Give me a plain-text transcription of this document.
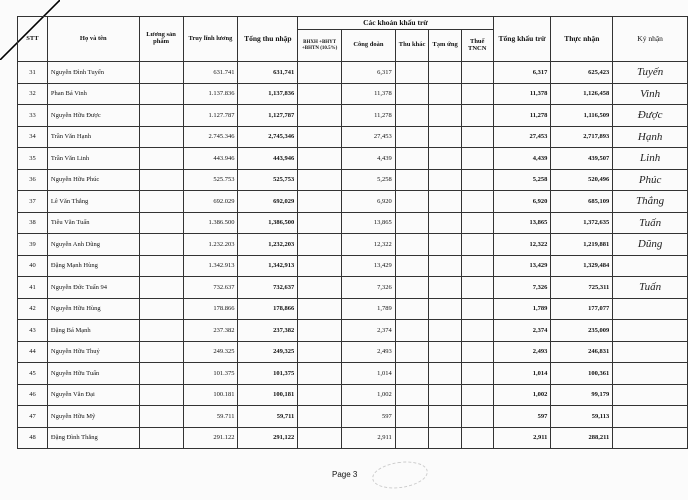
STT	Họ và tên	Lương sản phẩm	Truy lĩnh lương	Tổng thu nhập	Các khoản khấu trừ					Tổng khấu trừ	Thực nhận	Ký nhận
					BHXH +BHYT +BHTN (10.5%)	Công đoàn	Thu khác	Tạm ứng	Thuế TNCN			
31	Nguyễn Đình Tuyến		631.741	631,741		6,317				6,317	625,423	Tuyến
32	Phan Bá Vinh		1.137.836	1,137,836		11,378				11,378	1,126,458	Vinh
33	Nguyễn Hữu Được		1.127.787	1,127,787		11,278				11,278	1,116,509	Được
34	Trần Văn Hạnh		2.745.346	2,745,346		27,453				27,453	2,717,893	Hạnh
35	Trần Văn Linh		443.946	443,946		4,439				4,439	439,507	Linh
36	Nguyễn Hữu Phúc		525.753	525,753		5,258				5,258	520,496	Phúc
37	Lê Văn Thắng		692.029	692,029		6,920				6,920	685,109	Thắng
38	Tiêu Văn Tuấn		1.386.500	1,386,500		13,865				13,865	1,372,635	Tuấn
39	Nguyễn Anh Dũng		1.232.203	1,232,203		12,322				12,322	1,219,881	Dũng
40	Đặng Mạnh Hùng		1.342.913	1,342,913		13,429				13,429	1,329,484	
41	Nguyễn Đức Tuấn 94		732.637	732,637		7,326				7,326	725,311	Tuấn
42	Nguyễn Hữu Hùng		178.866	178,866		1,789				1,789	177,077	
43	Đặng Bá Mạnh		237.382	237,382		2,374				2,374	235,009	
44	Nguyễn Hữu Thuỷ		249.325	249,325		2,493				2,493	246,831	
45	Nguyễn Hữu Tuấn		101.375	101,375		1,014				1,014	100,361	
46	Nguyễn Văn Đại		100.181	100,181		1,002				1,002	99,179	
47	Nguyễn Hữu Mỹ		59.711	59,711		597				597	59,113	
48	Đặng Đình Thắng		291.122	291,122		2,911				2,911	288,211	
Page 3
